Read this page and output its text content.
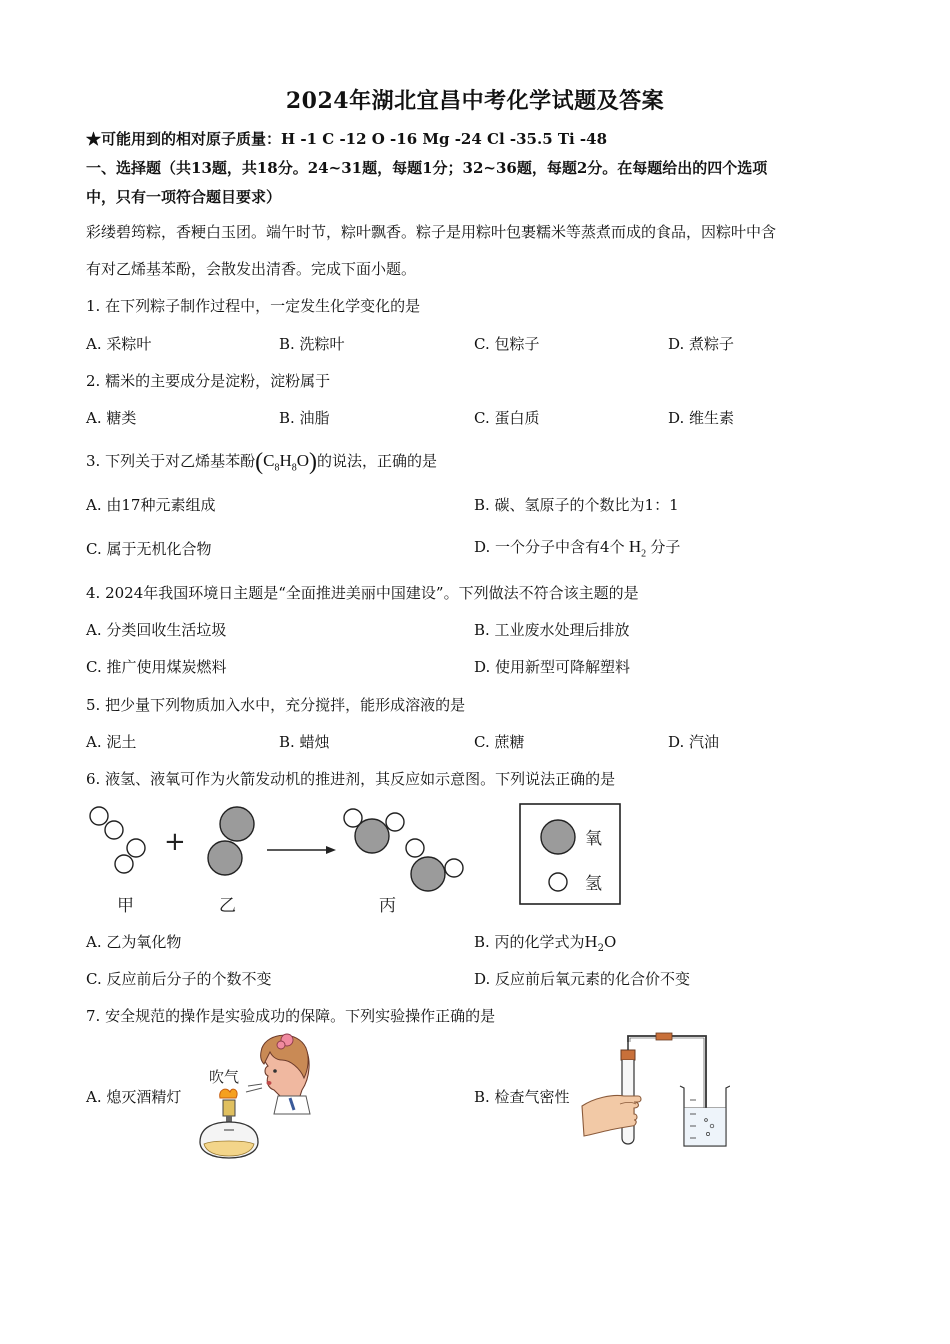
2024年湖北宜昌中考化学试题及答案
★可能用到的相对原子质量：H -1 C -12 O -16 Mg -24 Cl -35.5 Ti -48
一、选择题（共13题，共18分。24~31题，每题1分；32~36题，每题2分。在每题给出的四个选项
中，只有一项符合题目要求）
彩缕碧筠粽，香粳白玉团。端午时节，粽叶飘香。粽子是用粽叶包裹糯米等蒸煮而成的食品，因粽叶中含
有对乙烯基苯酚，会散发出清香。完成下面小题。
1. 在下列粽子制作过程中，一定发生化学变化的是
A. 采粽叶	B. 洗粽叶	C. 包粽子	D. 煮粽子
2. 糯米的主要成分是淀粉，淀粉属于
A. 糖类	B. 油脂	C. 蛋白质	D. 维生素
3. 下列关于对乙烯基苯酚$(C_8H_8O)$的说法，正确的是
A. 由17种元素组成	B. 碳、氢原子的个数比为1：1
C. 属于无机化合物	D. 一个分子中含有4个 $H_2$ 分子
4. 2024年我国环境日主题是“全面推进美丽中国建设”。下列做法不符合该主题的是
A. 分类回收生活垃圾	B. 工业废水处理后排放
C. 推广使用煤炭燃料	D. 使用新型可降解塑料
5. 把少量下列物质加入水中，充分搅拌，能形成溶液的是
A. 泥土	B. 蜡烛	C. 蔗糖	D. 汽油
6. 液氢、液氧可作为火箭发动机的推进剂，其反应如示意图。下列说法正确的是
+
甲	乙	丙
氧
氢
A. 乙为氧化物	B. 丙的化学式为$H_2O$
C. 反应前后分子的个数不变	D. 反应前后氧元素的化合价不变
7. 安全规范的操作是实验成功的保障。下列实验操作正确的是
A. 熄灭酒精灯
吹气
B. 检查气密性
